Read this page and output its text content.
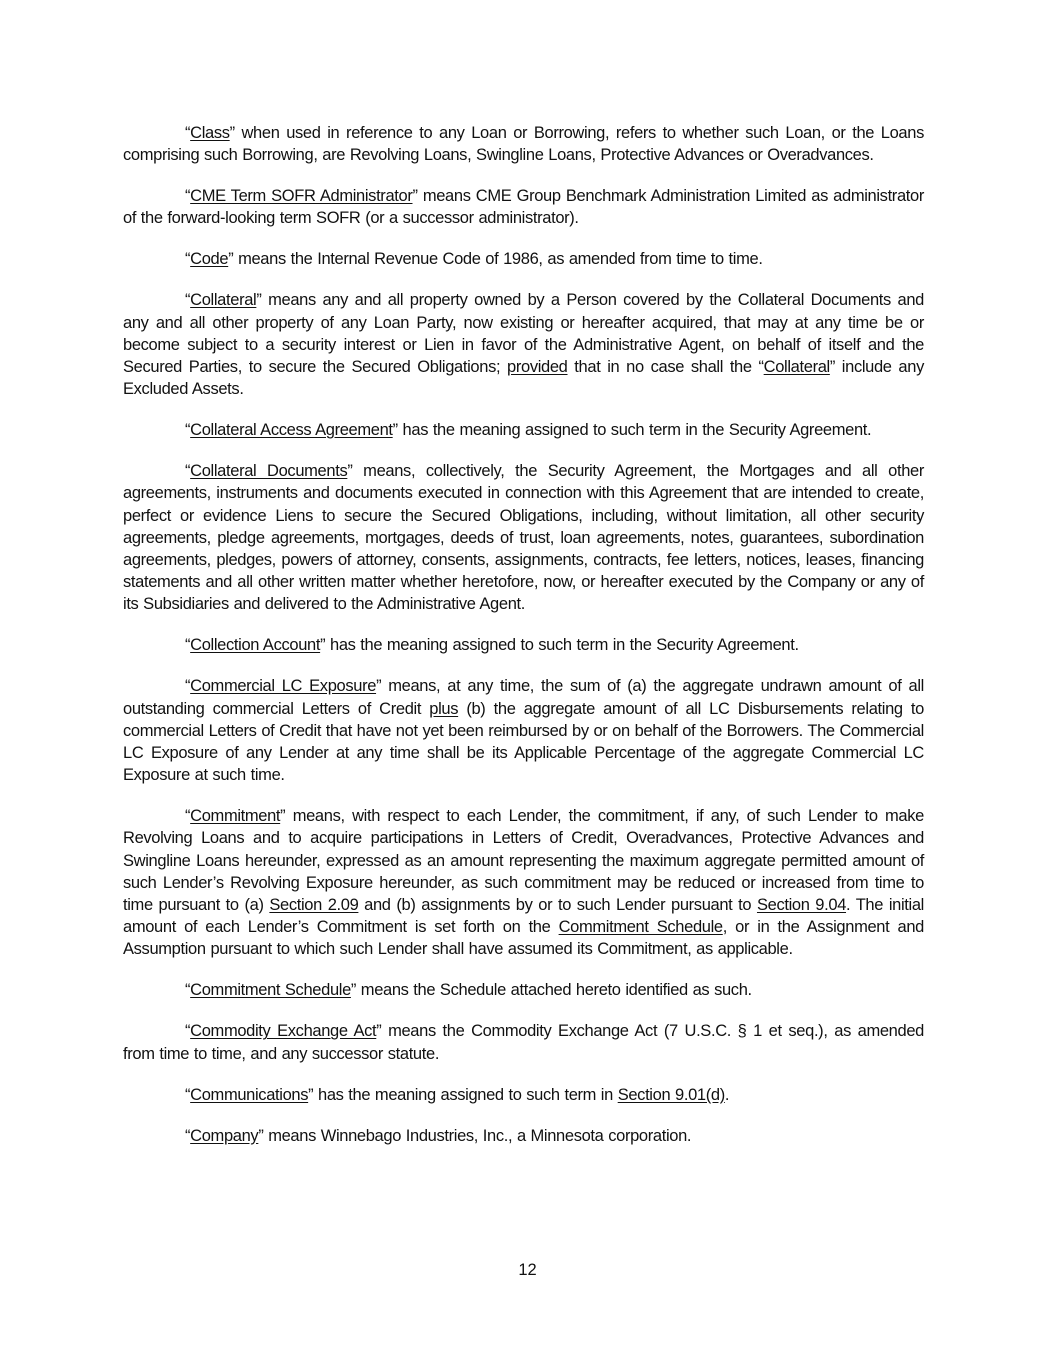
“Class” when used in reference to any Loan or Borrowing, refers to whether such Loan, or the Loans comprising such Borrowing, are Revolving Loans, Swingline Loans, Protective Advances or Overadvances.

“CME Term SOFR Administrator” means CME Group Benchmark Administration Limited as administrator of the forward-looking term SOFR (or a successor administrator).

“Code” means the Internal Revenue Code of 1986, as amended from time to time.

“Collateral” means any and all property owned by a Person covered by the Collateral Documents and any and all other property of any Loan Party, now existing or hereafter acquired, that may at any time be or become subject to a security interest or Lien in favor of the Administrative Agent, on behalf of itself and the Secured Parties, to secure the Secured Obligations; provided that in no case shall the “Collateral” include any Excluded Assets.

“Collateral Access Agreement” has the meaning assigned to such term in the Security Agreement.

“Collateral Documents” means, collectively, the Security Agreement, the Mortgages and all other agreements, instruments and documents executed in connection with this Agreement that are intended to create, perfect or evidence Liens to secure the Secured Obligations, including, without limitation, all other security agreements, pledge agreements, mortgages, deeds of trust, loan agreements, notes, guarantees, subordination agreements, pledges, powers of attorney, consents, assignments, contracts, fee letters, notices, leases, financing statements and all other written matter whether heretofore, now, or hereafter executed by the Company or any of its Subsidiaries and delivered to the Administrative Agent.

“Collection Account” has the meaning assigned to such term in the Security Agreement.

“Commercial LC Exposure” means, at any time, the sum of (a) the aggregate undrawn amount of all outstanding commercial Letters of Credit plus (b) the aggregate amount of all LC Disbursements relating to commercial Letters of Credit that have not yet been reimbursed by or on behalf of the Borrowers. The Commercial LC Exposure of any Lender at any time shall be its Applicable Percentage of the aggregate Commercial LC Exposure at such time.

“Commitment” means, with respect to each Lender, the commitment, if any, of such Lender to make Revolving Loans and to acquire participations in Letters of Credit, Overadvances, Protective Advances and Swingline Loans hereunder, expressed as an amount representing the maximum aggregate permitted amount of such Lender’s Revolving Exposure hereunder, as such commitment may be reduced or increased from time to time pursuant to (a) Section 2.09 and (b) assignments by or to such Lender pursuant to Section 9.04. The initial amount of each Lender’s Commitment is set forth on the Commitment Schedule, or in the Assignment and Assumption pursuant to which such Lender shall have assumed its Commitment, as applicable.

“Commitment Schedule” means the Schedule attached hereto identified as such.

“Commodity Exchange Act” means the Commodity Exchange Act (7 U.S.C. § 1 et seq.), as amended from time to time, and any successor statute.

“Communications” has the meaning assigned to such term in Section 9.01(d).

“Company” means Winnebago Industries, Inc., a Minnesota corporation.

12
